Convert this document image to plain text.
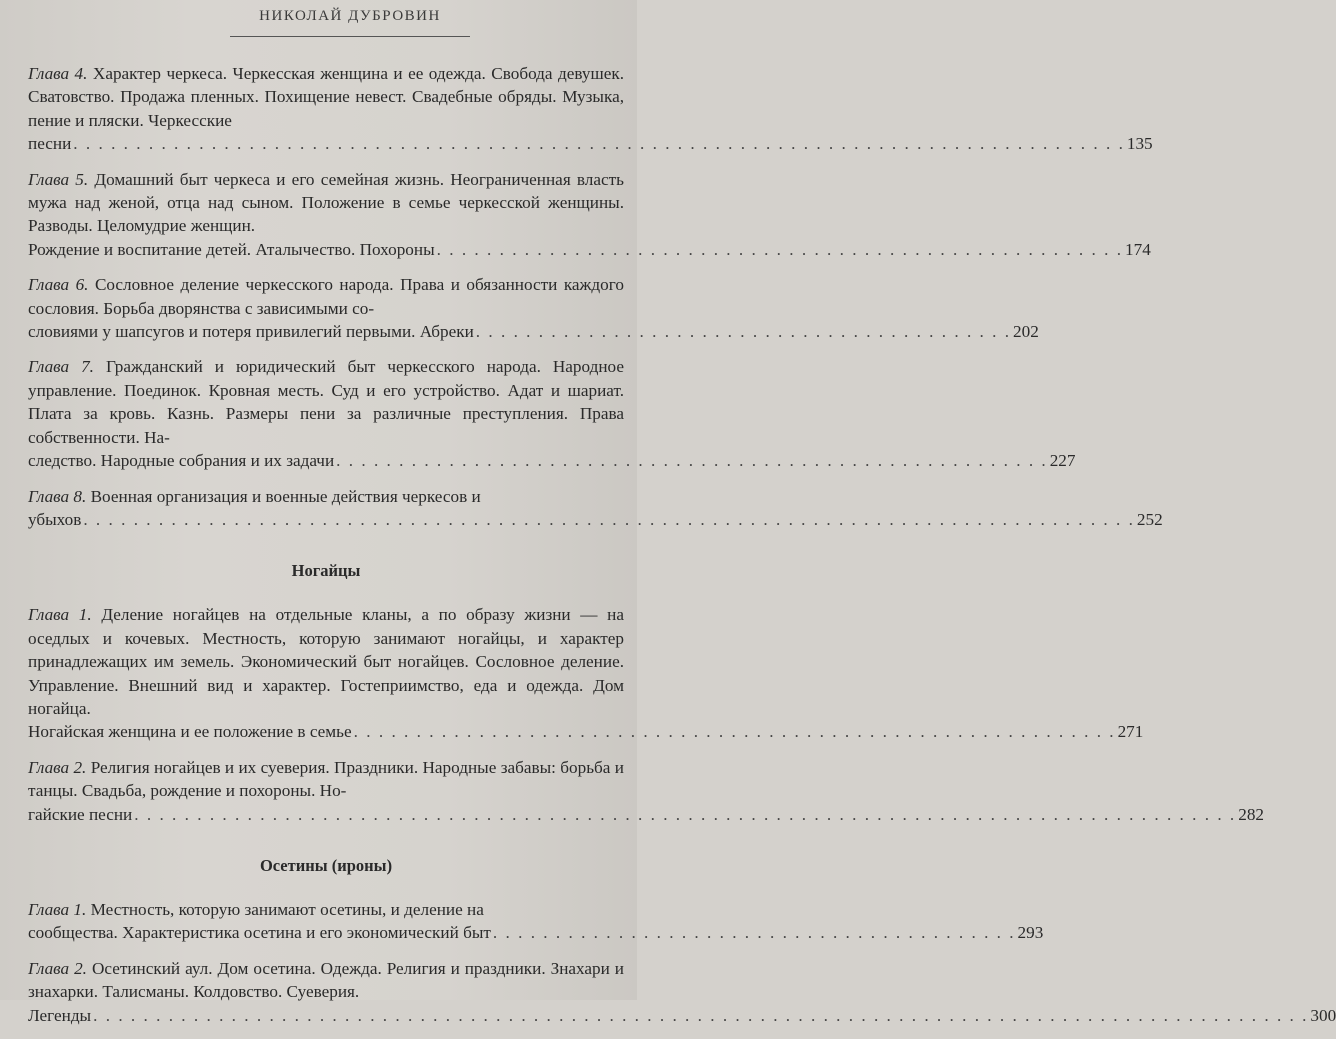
НИКОЛАЙ ДУБРОВИН
Глава 4. Характер черкеса. Черкесская женщина и ее одежда. Свобода девушек. Сватовство. Продажа пленных. Похищение невест. Свадебные обряды. Музыка, пение и пляски. Черкесские
песни . . . . . . . . . . . . . . . . . . . . . . . . . . . . . . . . . . . . . . . . . . . . . . . . . . . . . . . . . . . . . . . . . . . . . . . . . . . . . . . . . . . . 135
Глава 5. Домашний быт черкеса и его семейная жизнь. Неограниченная власть мужа над женой, отца над сыном. Положение в семье черкесской женщины. Разводы. Целомудрие женщин.
Рождение и воспитание детей. Аталычество. Похороны . . . . . . . . . . . . . . . . . . . . . . . . . . . . . . . . . . . . . . . . . . . . . . . . . . . . . . . 174
Глава 6. Сословное деление черкесского народа. Права и обязанности каждого сословия. Борьба дворянства с зависимыми со-
словиями у шапсугов и потеря привилегий первыми. Абреки . . . . . . . . . . . . . . . . . . . . . . . . . . . . . . . . . . . . . . . . . . . 202
Глава 7. Гражданский и юридический быт черкесского народа. Народное управление. Поединок. Кровная месть. Суд и его устройство. Адат и шариат. Плата за кровь. Казнь. Размеры пени за различные преступления. Права собственности. На-
следство. Народные собрания и их задачи . . . . . . . . . . . . . . . . . . . . . . . . . . . . . . . . . . . . . . . . . . . . . . . . . . . . . . . . . 227
Глава 8. Военная организация и военные действия черкесов и
убыхов . . . . . . . . . . . . . . . . . . . . . . . . . . . . . . . . . . . . . . . . . . . . . . . . . . . . . . . . . . . . . . . . . . . . . . . . . . . . . . . . . . . . 252
Ногайцы
Глава 1. Деление ногайцев на отдельные кланы, а по образу жизни — на оседлых и кочевых. Местность, которую занимают ногайцы, и характер принадлежащих им земель. Экономический быт ногайцев. Сословное деление. Управление. Внешний вид и характер. Гостеприимство, еда и одежда. Дом ногайца.
Ногайская женщина и ее положение в семье . . . . . . . . . . . . . . . . . . . . . . . . . . . . . . . . . . . . . . . . . . . . . . . . . . . . . . . . . . . . . 271
Глава 2. Религия ногайцев и их суеверия. Праздники. Народные забавы: борьба и танцы. Свадьба, рождение и похороны. Но-
гайские песни . . . . . . . . . . . . . . . . . . . . . . . . . . . . . . . . . . . . . . . . . . . . . . . . . . . . . . . . . . . . . . . . . . . . . . . . . . . . . . . . . . . . . . . . 282
Осетины (ироны)
Глава 1. Местность, которую занимают осетины, и деление на
сообщества. Характеристика осетина и его экономический быт . . . . . . . . . . . . . . . . . . . . . . . . . . . . . . . . . . . . . . . . . . 293
Глава 2. Осетинский аул. Дом осетина. Одежда. Религия и праздники. Знахари и знахарки. Талисманы. Колдовство. Суеверия.
Легенды . . . . . . . . . . . . . . . . . . . . . . . . . . . . . . . . . . . . . . . . . . . . . . . . . . . . . . . . . . . . . . . . . . . . . . . . . . . . . . . . . . . . . . . . . . . . . . . . . 300
